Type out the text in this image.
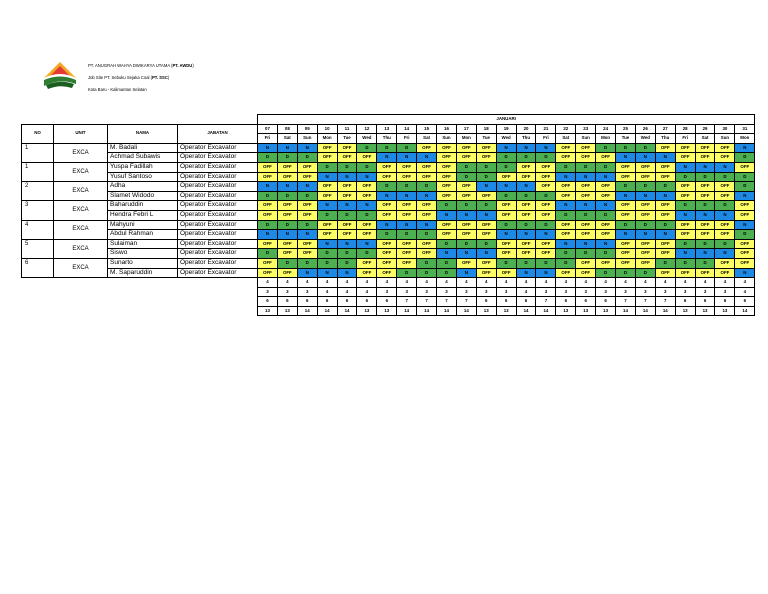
PT. ANUGRAH WAHYA DWIKARYA UTAMA (PT. AWDU)
Job Site PT. Sebuku Sejaka Coal (PT. SSC)
Kota Baru - Kalimantan Selatan
				JANUARI																								
NO	UNIT	NAMA	JABATAN	07	08	09	10	11	12	13	14	15	16	17	18	19	20	21	22	23	24	25	26	27	28	29	30	31
				Fri	Sat	Sun	Mon	Tue	Wed	Thu	Fri	Sat	Sun	Mon	Tue	Wed	Thu	Fri	Sat	Sun	Mon	Tue	Wed	Thu	Fri	Sat	Sun	Mon
1	EXCA	M. Badali	Operator Excavator	N	N	N	OFF	OFF	D	D	D	OFF	OFF	OFF	OFF	N	N	N	OFF	OFF	D	D	D	OFF	OFF	OFF	OFF	N
		Achmad Subawis	Operator Excavator	D	D	D	OFF	OFF	OFF	N	N	N	OFF	OFF	OFF	D	D	D	OFF	OFF	OFF	N	N	N	OFF	OFF	OFF	D
1	EXCA	Yuspa Fadillah	Operator Excavator	OFF	OFF	OFF	D	D	D	OFF	OFF	OFF	OFF	D	D	D	OFF	OFF	D	D	D	OFF	OFF	OFF	N	N	N	OFF
		Yusuf Santoso	Operator Excavator	OFF	OFF	OFF	N	N	N	OFF	OFF	OFF	OFF	D	D	OFF	OFF	OFF	N	N	N	OFF	OFF	OFF	D	D	D	D
2	EXCA	Adha	Operator Excavator	N	N	N	OFF	OFF	OFF	D	D	D	OFF	OFF	N	N	N	OFF	OFF	OFF	OFF	D	D	D	OFF	OFF	OFF	D
		Slamet Widodo	Operator Excavator	D	D	D	OFF	OFF	OFF	N	N	N	OFF	OFF	OFF	D	D	D	OFF	OFF	OFF	N	N	N	OFF	OFF	OFF	N
3	EXCA	Baharuddin	Operator Excavator	OFF	OFF	OFF	N	N	N	OFF	OFF	OFF	D	D	D	OFF	OFF	OFF	N	N	N	OFF	OFF	OFF	D	D	D	OFF
		Hendra Febri L	Operator Excavator	OFF	OFF	OFF	D	D	D	OFF	OFF	OFF	N	N	N	OFF	OFF	OFF	D	D	D	OFF	OFF	OFF	N	N	N	OFF
4	EXCA	Mahyuni	Operator Excavator	D	D	D	OFF	OFF	OFF	N	N	N	OFF	OFF	OFF	D	D	D	OFF	OFF	OFF	D	D	D	OFF	OFF	OFF	N
		Abdul Rahman	Operator Excavator	N	N	N	OFF	OFF	OFF	D	D	D	OFF	OFF	OFF	N	N	N	OFF	OFF	OFF	N	N	N	OFF	OFF	OFF	D
5	EXCA	Sulaiman	Operator Excavator	OFF	OFF	OFF	N	N	N	OFF	OFF	OFF	D	D	D	OFF	OFF	OFF	N	N	N	OFF	OFF	OFF	D	D	D	OFF
		Siswo	Operator Excavator	D	OFF	OFF	D	D	D	OFF	OFF	OFF	N	N	N	OFF	OFF	OFF	D	D	D	OFF	OFF	OFF	N	N	N	OFF
6	EXCA	Sunarto	Operator Excavator	OFF	D	D	D	D	OFF	OFF	OFF	D	D	OFF	OFF	D	D	D	D	OFF	OFF	OFF	OFF	D	D	D	OFF	OFF
		M. Saparuddin	Operator Excavator	OFF	OFF	N	N	N	OFF	OFF	D	D	D	N	OFF	OFF	N	N	OFF	OFF	D	D	D	OFF	OFF	OFF	OFF	N
				4	4	4	4	4	4	4	4	4	4	4	4	4	4	4	4	4	4	4	4	4	4	4	4	4
				3	3	3	4	4	4	3	3	3	3	3	3	3	4	3	3	3	3	3	3	3	3	3	3	4
				6	6	6	6	6	6	6	7	7	7	7	6	6	6	7	6	6	6	7	7	7	6	6	6	6
				13	13	14	14	14	13	13	14	14	14	14	13	13	14	14	13	13	13	14	14	14	13	13	13	14
